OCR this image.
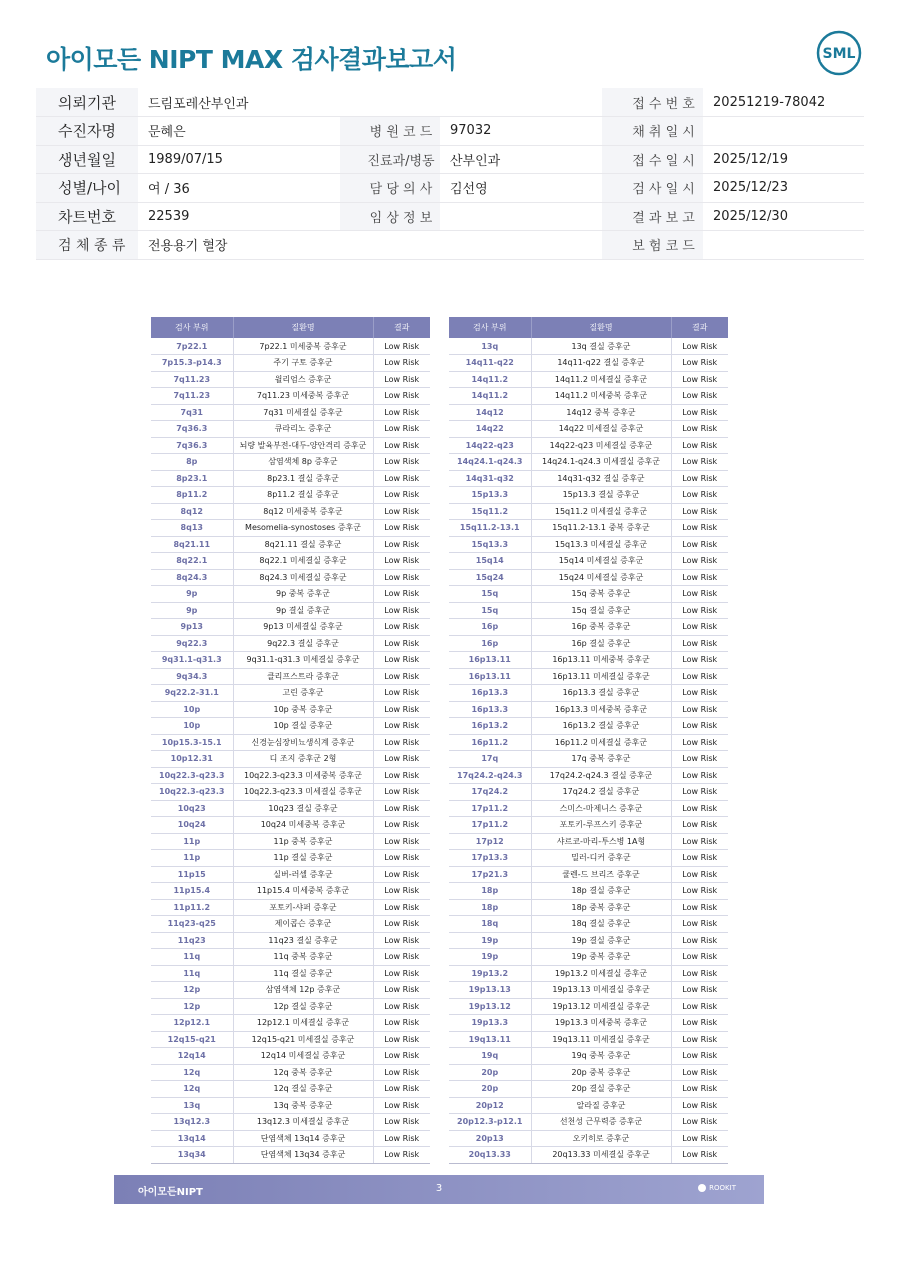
아이모든 NIPT MAX 검사결과보고서	SML
의뢰기관	드림포레산부인과			접 수 번 호	20251219-78042
수진자명	문혜은	병 원 코 드	97032	채 취 일 시	
생년월일	1989/07/15	진료과/병동	산부인과	접 수 일 시	2025/12/19
성별/나이	여 / 36	담 당 의 사	김선영	검 사 일 시	2025/12/23
차트번호	22539	임 상 정 보		결 과 보 고	2025/12/30
검 체 종 류	전용용기 혈장			보 험 코 드	
검사 부위	질환명	결과
7p22.1	7p22.1 미세중복 증후군	Low Risk
7p15.3-p14.3	주기 구토 증후군	Low Risk
7q11.23	윌리엄스 증후군	Low Risk
7q11.23	7q11.23 미세중복 증후군	Low Risk
7q31	7q31 미세결실 증후군	Low Risk
7q36.3	큐라리노 증후군	Low Risk
7q36.3	뇌량 발육부전-대두-양안격리 증후군	Low Risk
8p	삼염색체 8p 증후군	Low Risk
8p23.1	8p23.1 결실 증후군	Low Risk
8p11.2	8p11.2 결실 증후군	Low Risk
8q12	8q12 미세중복 증후군	Low Risk
8q13	Mesomelia-synostoses 증후군	Low Risk
8q21.11	8q21.11 결실 증후군	Low Risk
8q22.1	8q22.1 미세결실 증후군	Low Risk
8q24.3	8q24.3 미세결실 증후군	Low Risk
9p	9p 중복 증후군	Low Risk
9p	9p 결실 증후군	Low Risk
9p13	9p13 미세결실 증후군	Low Risk
9q22.3	9q22.3 결실 증후군	Low Risk
9q31.1-q31.3	9q31.1-q31.3 미세결실 증후군	Low Risk
9q34.3	클리프스트라 증후군	Low Risk
9q22.2-31.1	고린 증후군	Low Risk
10p	10p 중복 증후군	Low Risk
10p	10p 결실 증후군	Low Risk
10p15.3-15.1	신경눈심장비뇨생식계 증후군	Low Risk
10p12.31	디 조지 증후군 2형	Low Risk
10q22.3-q23.3	10q22.3-q23.3 미세중복 증후군	Low Risk
10q22.3-q23.3	10q22.3-q23.3 미세결실 증후군	Low Risk
10q23	10q23 결실 증후군	Low Risk
10q24	10q24 미세중복 증후군	Low Risk
11p	11p 중복 증후군	Low Risk
11p	11p 결실 증후군	Low Risk
11p15	실버-러셀 증후군	Low Risk
11p15.4	11p15.4 미세중복 증후군	Low Risk
11p11.2	포토키-샤퍼 증후군	Low Risk
11q23-q25	제이콥슨 증후군	Low Risk
11q23	11q23 결실 증후군	Low Risk
11q	11q 중복 증후군	Low Risk
11q	11q 결실 증후군	Low Risk
12p	삼염색체 12p 증후군	Low Risk
12p	12p 결실 증후군	Low Risk
12p12.1	12p12.1 미세결실 증후군	Low Risk
12q15-q21	12q15-q21 미세결실 증후군	Low Risk
12q14	12q14 미세결실 증후군	Low Risk
12q	12q 중복 증후군	Low Risk
12q	12q 결실 증후군	Low Risk
13q	13q 중복 증후군	Low Risk
13q12.3	13q12.3 미세결실 증후군	Low Risk
13q14	단염색체 13q14 증후군	Low Risk
13q34	단염색체 13q34 증후군	Low Risk
검사 부위	질환명	결과
13q	13q 결실 증후군	Low Risk
14q11-q22	14q11-q22 결실 증후군	Low Risk
14q11.2	14q11.2 미세결실 증후군	Low Risk
14q11.2	14q11.2 미세중복 증후군	Low Risk
14q12	14q12 중복 증후군	Low Risk
14q22	14q22 미세결실 증후군	Low Risk
14q22-q23	14q22-q23 미세결실 증후군	Low Risk
14q24.1-q24.3	14q24.1-q24.3 미세결실 증후군	Low Risk
14q31-q32	14q31-q32 결실 증후군	Low Risk
15p13.3	15p13.3 결실 증후군	Low Risk
15q11.2	15q11.2 미세결실 증후군	Low Risk
15q11.2-13.1	15q11.2-13.1 중복 증후군	Low Risk
15q13.3	15q13.3 미세결실 증후군	Low Risk
15q14	15q14 미세결실 증후군	Low Risk
15q24	15q24 미세결실 증후군	Low Risk
15q	15q 중복 증후군	Low Risk
15q	15q 결실 증후군	Low Risk
16p	16p 중복 증후군	Low Risk
16p	16p 결실 증후군	Low Risk
16p13.11	16p13.11 미세중복 증후군	Low Risk
16p13.11	16p13.11 미세결실 증후군	Low Risk
16p13.3	16p13.3 결실 증후군	Low Risk
16p13.3	16p13.3 미세중복 증후군	Low Risk
16p13.2	16p13.2 결실 증후군	Low Risk
16p11.2	16p11.2 미세결실 증후군	Low Risk
17q	17q 중복 증후군	Low Risk
17q24.2-q24.3	17q24.2-q24.3 결실 증후군	Low Risk
17q24.2	17q24.2 결실 증후군	Low Risk
17p11.2	스미스-마제니스 증후군	Low Risk
17p11.2	포토키-루프스키 증후군	Low Risk
17p12	샤르코-마리-투스병 1A형	Low Risk
17p13.3	밀러-디커 증후군	Low Risk
17p21.3	쿨렌-드 브리즈 증후군	Low Risk
18p	18p 결실 증후군	Low Risk
18p	18p 중복 증후군	Low Risk
18q	18q 결실 증후군	Low Risk
19p	19p 결실 증후군	Low Risk
19p	19p 중복 증후군	Low Risk
19p13.2	19p13.2 미세결실 증후군	Low Risk
19p13.13	19p13.13 미세결실 증후군	Low Risk
19p13.12	19p13.12 미세결실 증후군	Low Risk
19p13.3	19p13.3 미세중복 증후군	Low Risk
19q13.11	19q13.11 미세결실 증후군	Low Risk
19q	19q 중복 증후군	Low Risk
20p	20p 중복 증후군	Low Risk
20p	20p 결실 증후군	Low Risk
20p12	알라질 증후군	Low Risk
20p12.3-p12.1	선천성 근무력증 증후군	Low Risk
20p13	오키히로 증후군	Low Risk
20q13.33	20q13.33 미세결실 증후군	Low Risk
아이모든NIPT	3	ROOKIT
